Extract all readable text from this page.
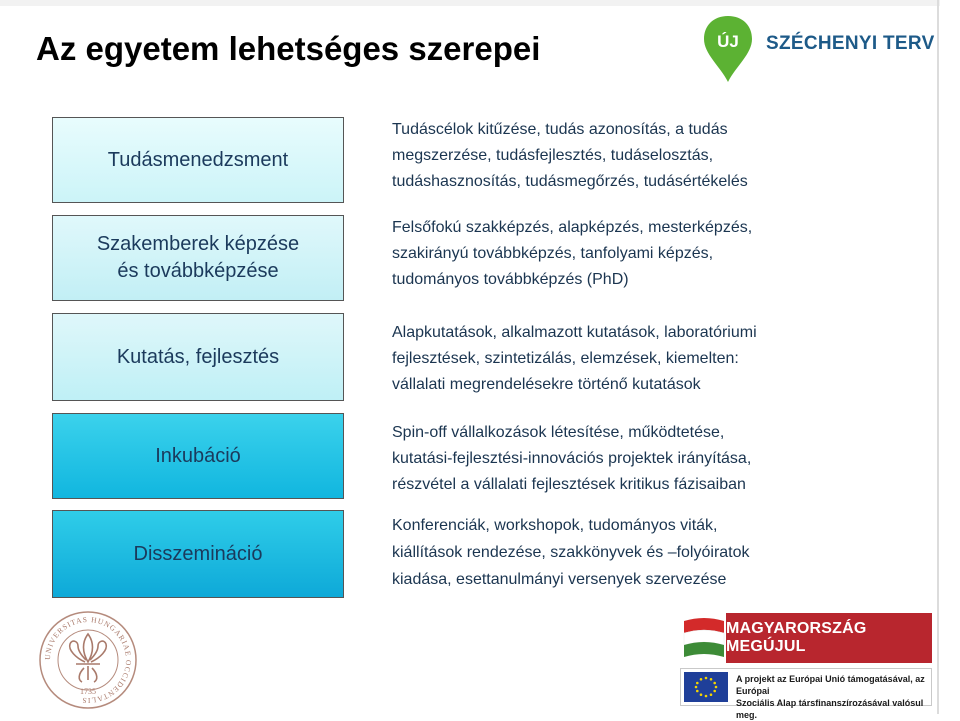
Az egyetem lehetséges szerepei	ÚJ SZÉCHENYI TERV
Tudásmenedzsment
Szakemberek képzése
és továbbképzése
Kutatás, fejlesztés
Inkubáció
Disszemináció
Tudáscélok kitűzése, tudás azonosítás, a tudás
megszerzése, tudásfejlesztés, tudáselosztás,
tudáshasznosítás, tudásmegőrzés, tudásértékelés
Felsőfokú szakképzés, alapképzés, mesterképzés,
szakirányú továbbképzés, tanfolyami képzés,
tudományos továbbképzés (PhD)
Alapkutatások, alkalmazott kutatások, laboratóriumi
fejlesztések, szintetizálás, elemzések, kiemelten:
vállalati megrendelésekre történő kutatások
Spin-off vállalkozások létesítése, működtetése,
kutatási-fejlesztési-innovációs projektek irányítása,
részvétel a vállalati fejlesztések kritikus fázisaiban
Konferenciák, workshopok, tudományos viták,
kiállítások rendezése, szakkönyvek és –folyóiratok
kiadása, esettanulmányi versenyek szervezése
UNIVERSITAS HUNGARIAE OCCIDENTALIS
1735
MAGYARORSZÁG MEGÚJUL
A projekt az Európai Unió támogatásával, az Európai
Szociális Alap társfinanszírozásával valósul meg.
